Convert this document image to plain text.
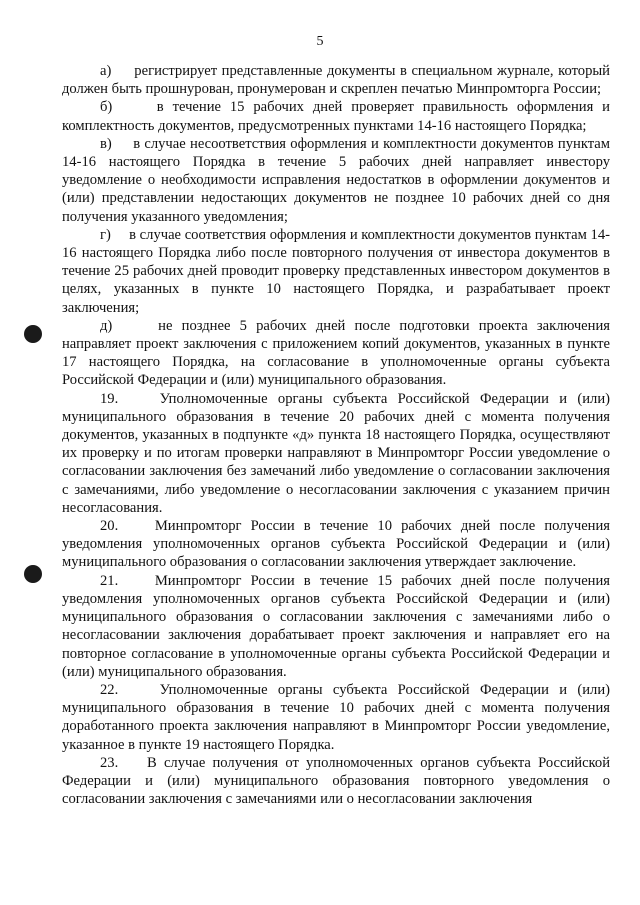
5

а)     регистрирует представленные документы в специальном журнале, который должен быть прошнурован, пронумерован и скреплен печатью Минпромторга России;

б)     в течение 15 рабочих дней проверяет правильность оформления и комплектность документов, предусмотренных пунктами 14-16 настоящего Порядка;

в)     в случае несоответствия оформления и комплектности документов пунктам 14-16 настоящего Порядка в течение 5 рабочих дней направляет инвестору уведомление о необходимости исправления недостатков в оформлении документов и (или) представлении недостающих документов не позднее 10 рабочих дней со дня получения указанного уведомления;

г)     в случае соответствия оформления и комплектности документов пунктам 14-16 настоящего Порядка либо после повторного получения от инвестора документов в течение 25 рабочих дней проводит проверку представленных инвестором документов в целях, указанных в пункте 10 настоящего Порядка, и разрабатывает проект заключения;

д)     не позднее 5 рабочих дней после подготовки проекта заключения направляет проект заключения с приложением копий документов, указанных в пункте 17 настоящего Порядка, на согласование в уполномоченные органы субъекта Российской Федерации и (или) муниципального образования.

19.    Уполномоченные органы субъекта Российской Федерации и (или) муниципального образования в течение 20 рабочих дней с момента получения документов, указанных в подпункте «д» пункта 18 настоящего Порядка, осуществляют их проверку и по итогам проверки направляют в Минпромторг России уведомление о согласовании заключения без замечаний либо уведомление о согласовании заключения с замечаниями, либо уведомление о несогласовании заключения с указанием причин несогласования.

20.    Минпромторг России в течение 10 рабочих дней после получения уведомления уполномоченных органов субъекта Российской Федерации и (или) муниципального образования о согласовании заключения утверждает заключение.

21.    Минпромторг России в течение 15 рабочих дней после получения уведомления уполномоченных органов субъекта Российской Федерации и (или) муниципального образования о согласовании заключения с замечаниями либо о несогласовании заключения дорабатывает проект заключения и направляет его на повторное согласование в уполномоченные органы субъекта Российской Федерации и (или) муниципального образования.

22.    Уполномоченные органы субъекта Российской Федерации и (или) муниципального образования в течение 10 рабочих дней с момента получения доработанного проекта заключения направляют в Минпромторг России уведомление, указанное в пункте 19 настоящего Порядка.

23.    В случае получения от уполномоченных органов субъекта Российской Федерации и (или) муниципального образования повторного уведомления о согласовании заключения с замечаниями или о несогласовании заключения
